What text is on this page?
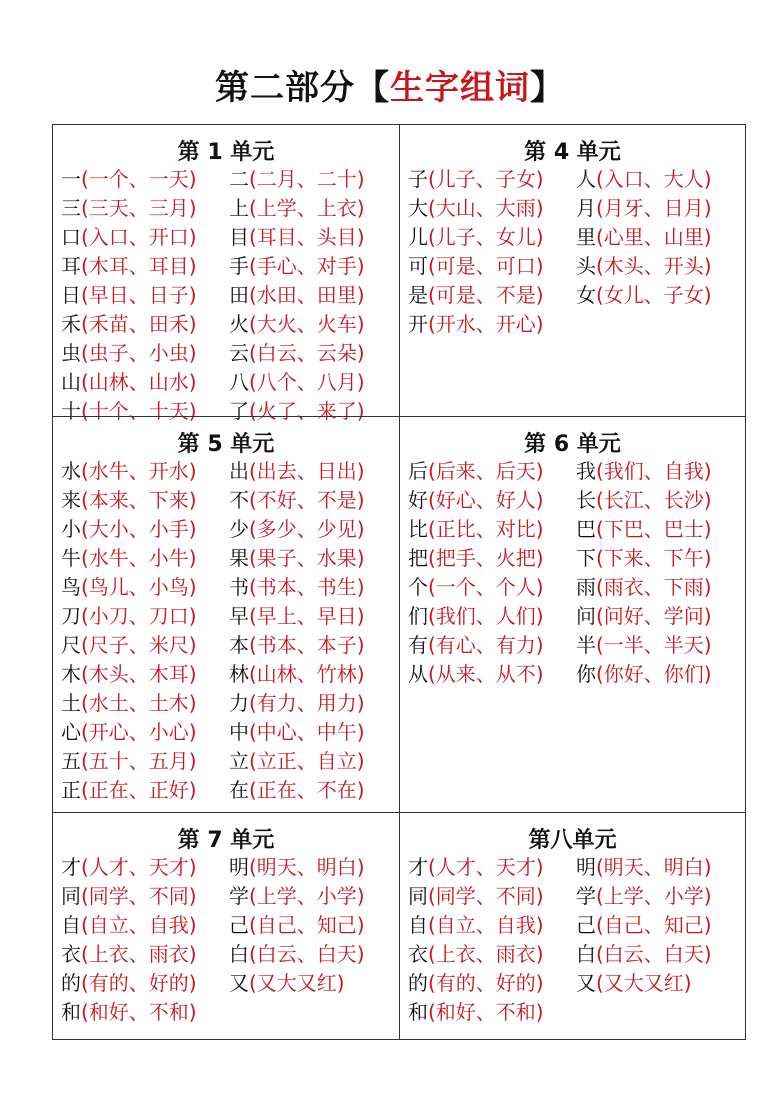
第二部分【生字组词】
第 1 单元
一(一个、一天)
三(三天、三月)
口(入口、开口)
耳(木耳、耳目)
日(早日、日子)
禾(禾苗、田禾)
虫(虫子、小虫)
山(山林、山水)
十(十个、十天)
二(二月、二十)
上(上学、上衣)
目(耳目、头目)
手(手心、对手)
田(水田、田里)
火(大火、火车)
云(白云、云朵)
八(八个、八月)
了(火了、来了)
第 4 单元
子(儿子、子女)
大(大山、大雨)
儿(儿子、女儿)
可(可是、可口)
是(可是、不是)
开(开水、开心)
人(入口、大人)
月(月牙、日月)
里(心里、山里)
头(木头、开头)
女(女儿、子女)
第 5 单元
水(水牛、开水)
来(本来、下来)
小(大小、小手)
牛(水牛、小牛)
鸟(鸟儿、小鸟)
刀(小刀、刀口)
尺(尺子、米尺)
木(木头、木耳)
土(水土、土木)
心(开心、小心)
五(五十、五月)
正(正在、正好)
出(出去、日出)
不(不好、不是)
少(多少、少见)
果(果子、水果)
书(书本、书生)
早(早上、早日)
本(书本、本子)
林(山林、竹林)
力(有力、用力)
中(中心、中午)
立(立正、自立)
在(正在、不在)
第 6 单元
后(后来、后天)
好(好心、好人)
比(正比、对比)
把(把手、火把)
个(一个、个人)
们(我们、人们)
有(有心、有力)
从(从来、从不)
我(我们、自我)
长(长江、长沙)
巴(下巴、巴士)
下(下来、下午)
雨(雨衣、下雨)
问(问好、学问)
半(一半、半天)
你(你好、你们)
第 7 单元
才(人才、天才)
同(同学、不同)
自(自立、自我)
衣(上衣、雨衣)
的(有的、好的)
和(和好、不和)
明(明天、明白)
学(上学、小学)
己(自己、知己)
白(白云、白天)
又(又大又红)
第八单元
才(人才、天才)
同(同学、不同)
自(自立、自我)
衣(上衣、雨衣)
的(有的、好的)
和(和好、不和)
明(明天、明白)
学(上学、小学)
己(自己、知己)
白(白云、白天)
又(又大又红)
